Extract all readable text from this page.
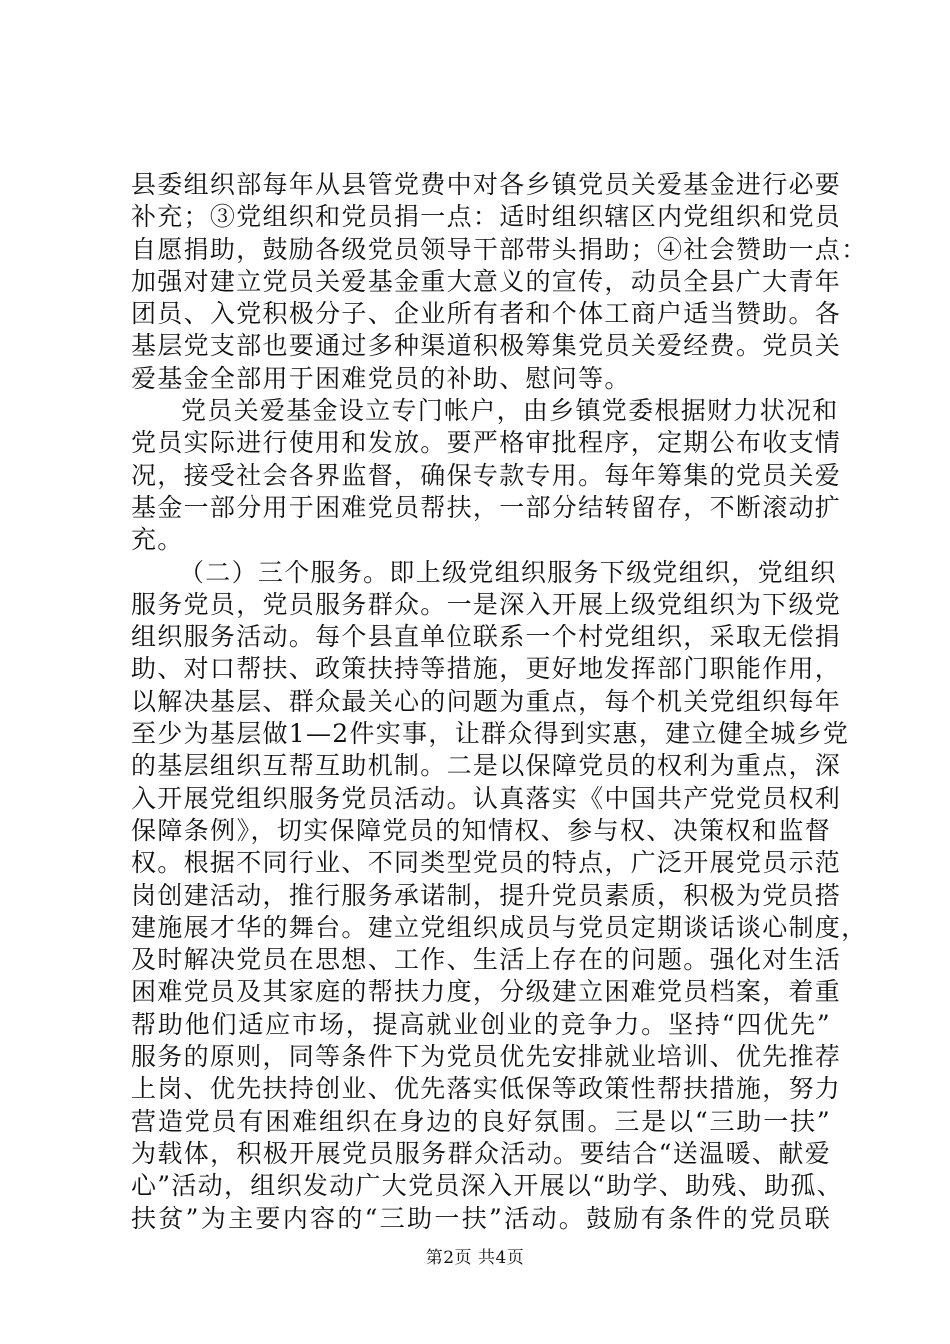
县委组织部每年从县管党费中对各乡镇党员关爱基金进行必要
补充；③党组织和党员捐一点：适时组织辖区内党组织和党员
自愿捐助，鼓励各级党员领导干部带头捐助；④社会赞助一点：
加强对建立党员关爱基金重大意义的宣传，动员全县广大青年
团员、入党积极分子、企业所有者和个体工商户适当赞助。各
基层党支部也要通过多种渠道积极筹集党员关爱经费。党员关
爱基金全部用于困难党员的补助、慰问等。
党员关爱基金设立专门帐户，由乡镇党委根据财力状况和
党员实际进行使用和发放。要严格审批程序，定期公布收支情
况，接受社会各界监督，确保专款专用。每年筹集的党员关爱
基金一部分用于困难党员帮扶，一部分结转留存，不断滚动扩
充。
（二）三个服务。即上级党组织服务下级党组织，党组织
服务党员，党员服务群众。一是深入开展上级党组织为下级党
组织服务活动。每个县直单位联系一个村党组织，采取无偿捐
助、对口帮扶、政策扶持等措施，更好地发挥部门职能作用，
以解决基层、群众最关心的问题为重点，每个机关党组织每年
至少为基层做1—2件实事，让群众得到实惠，建立健全城乡党
的基层组织互帮互助机制。二是以保障党员的权利为重点，深
入开展党组织服务党员活动。认真落实《中国共产党党员权利
保障条例》，切实保障党员的知情权、参与权、决策权和监督
权。根据不同行业、不同类型党员的特点，广泛开展党员示范
岗创建活动，推行服务承诺制，提升党员素质，积极为党员搭
建施展才华的舞台。建立党组织成员与党员定期谈话谈心制度，
及时解决党员在思想、工作、生活上存在的问题。强化对生活
困难党员及其家庭的帮扶力度，分级建立困难党员档案，着重
帮助他们适应市场，提高就业创业的竞争力。坚持“四优先”
服务的原则，同等条件下为党员优先安排就业培训、优先推荐
上岗、优先扶持创业、优先落实低保等政策性帮扶措施，努力
营造党员有困难组织在身边的良好氛围。三是以“三助一扶”
为载体，积极开展党员服务群众活动。要结合“送温暖、献爱
心”活动，组织发动广大党员深入开展以“助学、助残、助孤、
扶贫”为主要内容的“三助一扶”活动。鼓励有条件的党员联
第2页 共4页
